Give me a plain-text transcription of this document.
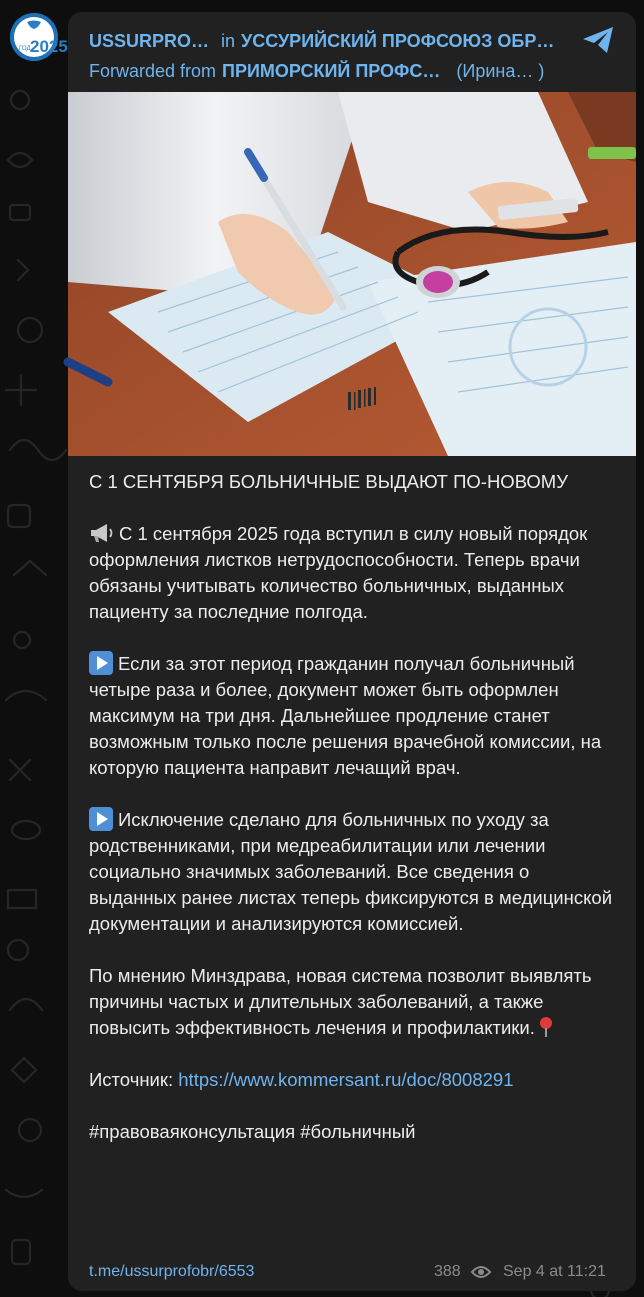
ГОД 2025 USSURPRO… in УССУРИЙСКИЙ ПРОФСОЮЗ ОБР…
Forwarded from ПРИМОРСКИЙ ПРОФС… (Ирина… )

С 1 СЕНТЯБРЯ БОЛЬНИЧНЫЕ ВЫДАЮТ ПО-НОВОМУ

С 1 сентября 2025 года вступил в силу новый порядок оформления листков нетрудоспособности. Теперь врачи обязаны учитывать количество больничных, выданных пациенту за последние полгода.

Если за этот период гражданин получал больничный четыре раза и более, документ может быть оформлен максимум на три дня. Дальнейшее продление станет возможным только после решения врачебной комиссии, на которую пациента направит лечащий врач.

Исключение сделано для больничных по уходу за родственниками, при медреабилитации или лечении социально значимых заболеваний. Все сведения о выданных ранее листах теперь фиксируются в медицинской документации и анализируются комиссией.

По мнению Минздрава, новая система позволит выявлять причины частых и длительных заболеваний, а также повысить эффективность лечения и профилактики.

Источник: https://www.kommersant.ru/doc/8008291

#правоваяконсультация #больничный

t.me/ussurprofobr/6553	388	Sep 4 at 11:21
